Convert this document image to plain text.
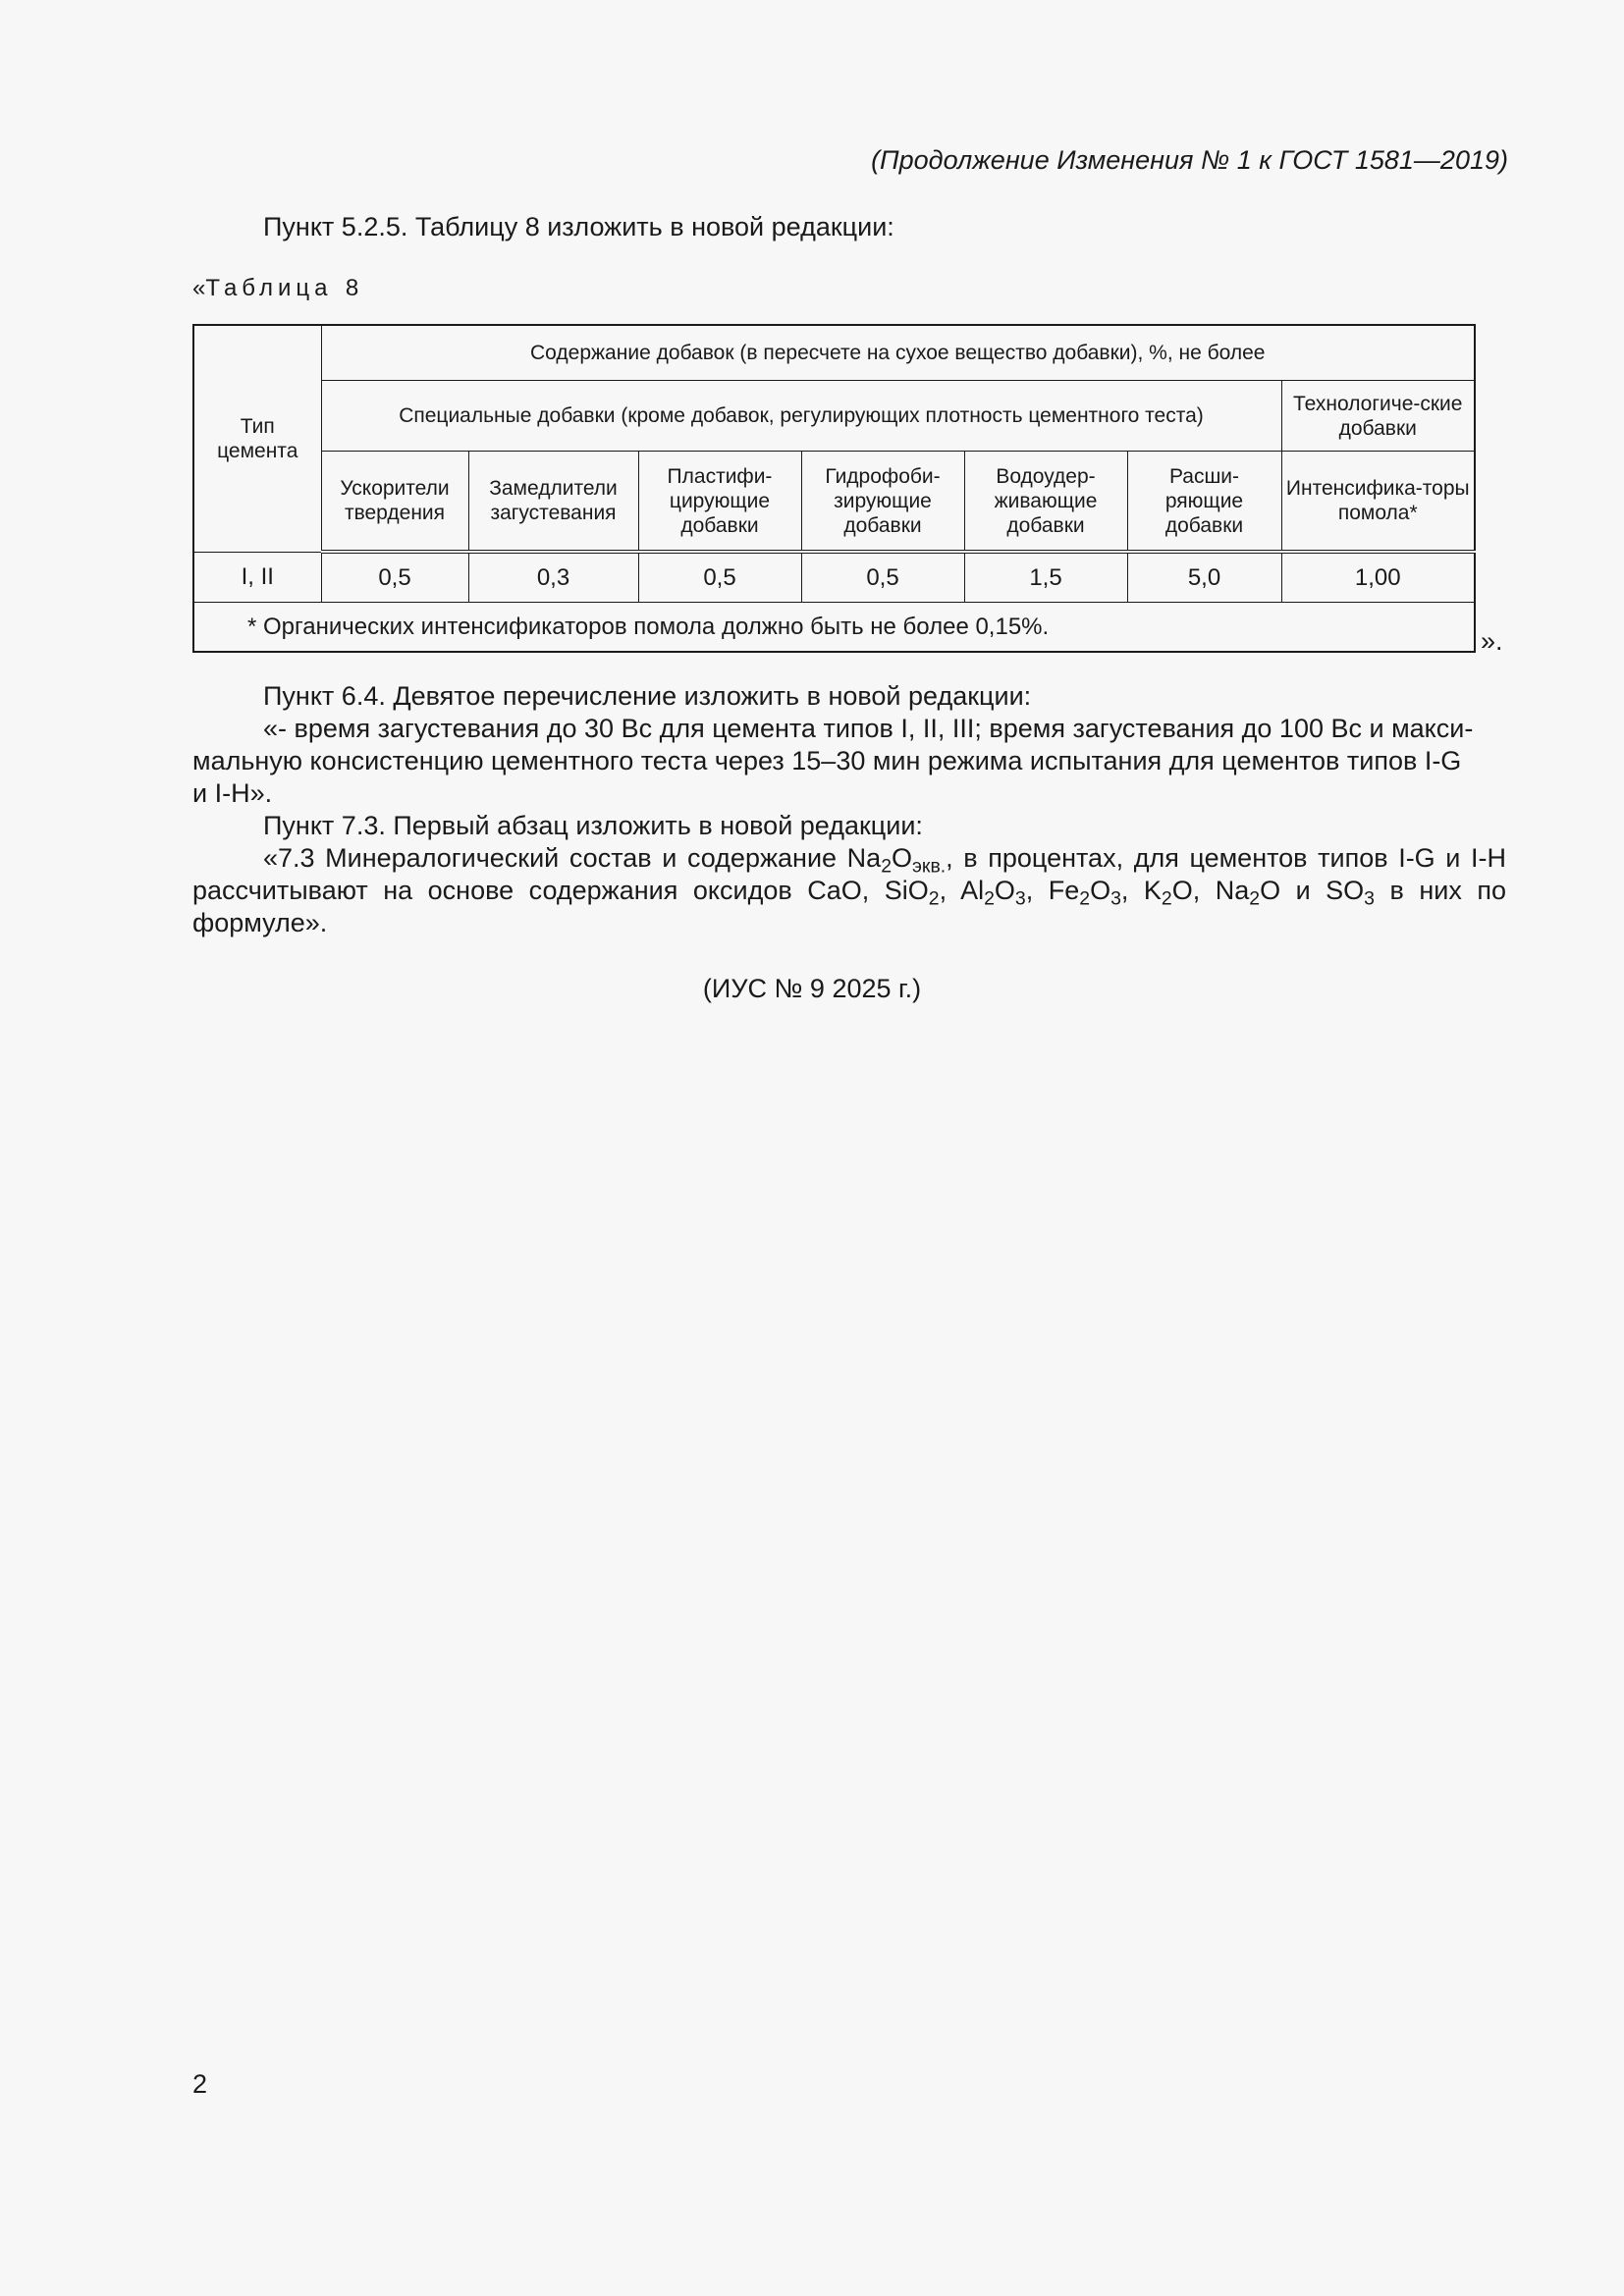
(Продолжение Изменения № 1 к ГОСТ 1581—2019)
Пункт 5.2.5. Таблицу 8 изложить в новой редакции:
«Таблица 8
Тип цемента	Содержание добавок (в пересчете на сухое вещество добавки), %, не более						
	Специальные добавки (кроме добавок, регулирующих плотность цементного теста)						Технологиче-ские добавки
	Ускорители твердения	Замедлители загустевания	Пластифи-цирующие добавки	Гидрофоби-зирующие добавки	Водоудер-живающие добавки	Расши-ряющие добавки	Интенсифика-торы помола*
I, II	0,5	0,3	0,5	0,5	1,5	5,0	1,00
* Органических интенсификаторов помола должно быть не более 0,15%.								».
Пункт 6.4. Девятое перечисление изложить в новой редакции:
«- время загустевания до 30 Вс для цемента типов I, II, III; время загустевания до 100 Вс и макси-
мальную консистенцию цементного теста через 15–30 мин режима испытания для цементов типов I-G
и I-H».
Пункт 7.3. Первый абзац изложить в новой редакции:
«7.3 Минералогический состав и содержание $Na_2O_{экв.}$, в процентах, для цементов типов I-G и I-H рассчитывают на основе содержания оксидов CaO, SiO$_2$, $Al_2O_3$, $Fe_2O_3$, $K_2O$, $Na_2O$ и $SO_3$ в них по формуле».
(ИУС № 9 2025 г.)
2
